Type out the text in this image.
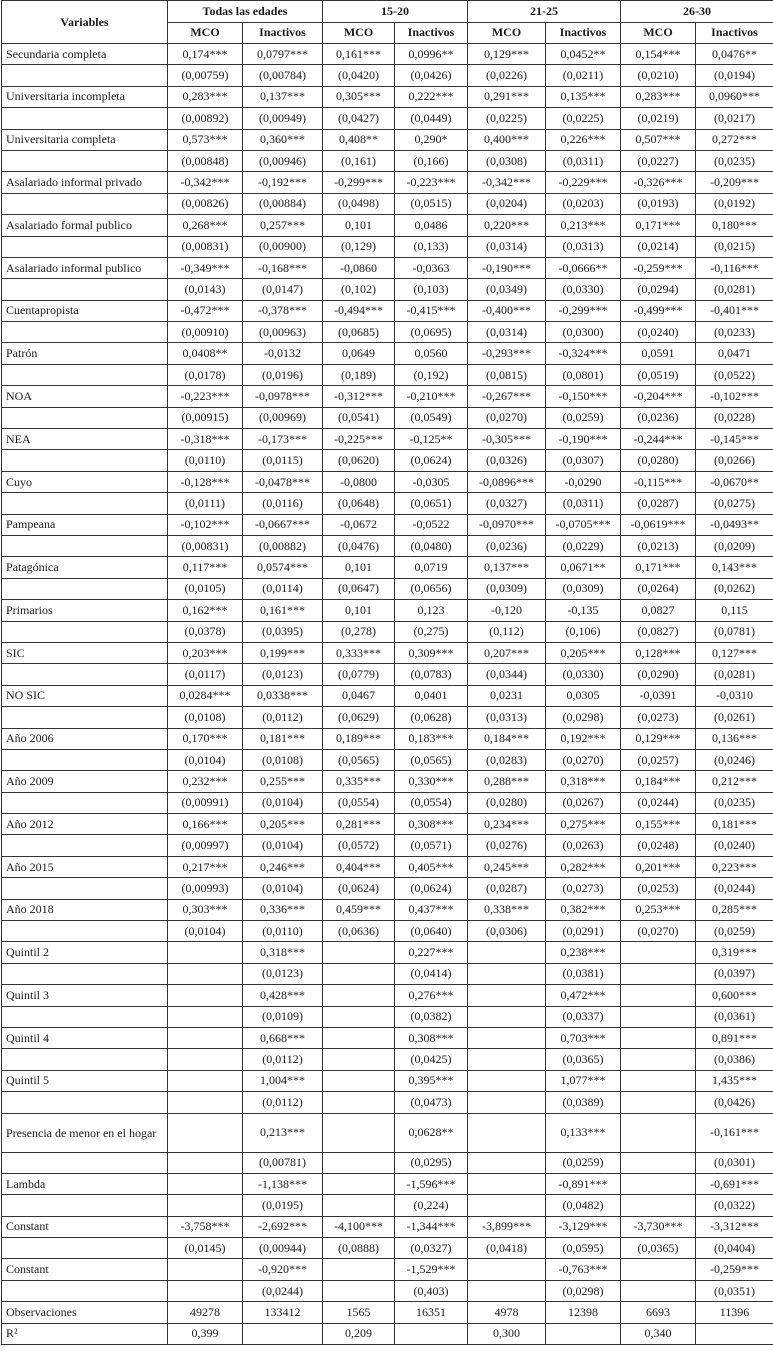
Variables	Todas las edades		15-20		21-25		26-30	
	MCO	Inactivos	MCO	Inactivos	MCO	Inactivos	MCO	Inactivos
Secundaria completa	0,174***	0,0797***	0,161***	0,0996**	0,129***	0,0452**	0,154***	0,0476**
	(0,00759)	(0,00784)	(0,0420)	(0,0426)	(0,0226)	(0,0211)	(0,0210)	(0,0194)
Universitaria incompleta	0,283***	0,137***	0,305***	0,222***	0,291***	0,135***	0,283***	0,0960***
	(0,00892)	(0,00949)	(0,0427)	(0,0449)	(0,0225)	(0,0225)	(0,0219)	(0,0217)
Universitaria completa	0,573***	0,360***	0,408**	0,290*	0,400***	0,226***	0,507***	0,272***
	(0,00848)	(0,00946)	(0,161)	(0,166)	(0,0308)	(0,0311)	(0,0227)	(0,0235)
Asalariado informal privado	-0,342***	-0,192***	-0,299***	-0,223***	-0,342***	-0,229***	-0,326***	-0,209***
	(0,00826)	(0,00884)	(0,0498)	(0,0515)	(0,0204)	(0,0203)	(0,0193)	(0,0192)
Asalariado formal publico	0,268***	0,257***	0,101	0,0486	0,220***	0,213***	0,171***	0,180***
	(0,00831)	(0,00900)	(0,129)	(0,133)	(0,0314)	(0,0313)	(0,0214)	(0,0215)
Asalariado informal publico	-0,349***	-0,168***	-0,0860	-0,0363	-0,190***	-0,0666**	-0,259***	-0,116***
	(0,0143)	(0,0147)	(0,102)	(0,103)	(0,0349)	(0,0330)	(0,0294)	(0,0281)
Cuentapropista	-0,472***	-0,378***	-0,494***	-0,415***	-0,400***	-0,299***	-0,499***	-0,401***
	(0,00910)	(0,00963)	(0,0685)	(0,0695)	(0,0314)	(0,0300)	(0,0240)	(0,0233)
Patrón	0,0408**	-0,0132	0,0649	0,0560	-0,293***	-0,324***	0,0591	0,0471
	(0,0178)	(0,0196)	(0,189)	(0,192)	(0,0815)	(0,0801)	(0,0519)	(0,0522)
NOA	-0,223***	-0,0978***	-0,312***	-0,210***	-0,267***	-0,150***	-0,204***	-0,102***
	(0,00915)	(0,00969)	(0,0541)	(0,0549)	(0,0270)	(0,0259)	(0,0236)	(0,0228)
NEA	-0,318***	-0,173***	-0,225***	-0,125**	-0,305***	-0,190***	-0,244***	-0,145***
	(0,0110)	(0,0115)	(0,0620)	(0,0624)	(0,0326)	(0,0307)	(0,0280)	(0,0266)
Cuyo	-0,128***	-0,0478***	-0,0800	-0,0305	-0,0896***	-0,0290	-0,115***	-0,0670**
	(0,0111)	(0,0116)	(0,0648)	(0,0651)	(0,0327)	(0,0311)	(0,0287)	(0,0275)
Pampeana	-0,102***	-0,0667***	-0,0672	-0,0522	-0,0970***	-0,0705***	-0,0619***	-0,0493**
	(0,00831)	(0,00882)	(0,0476)	(0,0480)	(0,0236)	(0,0229)	(0,0213)	(0,0209)
Patagónica	0,117***	0,0574***	0,101	0,0719	0,137***	0,0671**	0,171***	0,143***
	(0,0105)	(0,0114)	(0,0647)	(0,0656)	(0,0309)	(0,0309)	(0,0264)	(0,0262)
Primarios	0,162***	0,161***	0,101	0,123	-0,120	-0,135	0,0827	0,115
	(0,0378)	(0,0395)	(0,278)	(0,275)	(0,112)	(0,106)	(0,0827)	(0,0781)
SIC	0,203***	0,199***	0,333***	0,309***	0,207***	0,205***	0,128***	0,127***
	(0,0117)	(0,0123)	(0,0779)	(0,0783)	(0,0344)	(0,0330)	(0,0290)	(0,0281)
NO SIC	0,0284***	0,0338***	0,0467	0,0401	0,0231	0,0305	-0,0391	-0,0310
	(0,0108)	(0,0112)	(0,0629)	(0,0628)	(0,0313)	(0,0298)	(0,0273)	(0,0261)
Año 2006	0,170***	0,181***	0,189***	0,183***	0,184***	0,192***	0,129***	0,136***
	(0,0104)	(0,0108)	(0,0565)	(0,0565)	(0,0283)	(0,0270)	(0,0257)	(0,0246)
Año 2009	0,232***	0,255***	0,335***	0,330***	0,288***	0,318***	0,184***	0,212***
	(0,00991)	(0,0104)	(0,0554)	(0,0554)	(0,0280)	(0,0267)	(0,0244)	(0,0235)
Año 2012	0,166***	0,205***	0,281***	0,308***	0,234***	0,275***	0,155***	0,181***
	(0,00997)	(0,0104)	(0,0572)	(0,0571)	(0,0276)	(0,0263)	(0,0248)	(0,0240)
Año 2015	0,217***	0,246***	0,404***	0,405***	0,245***	0,282***	0,201***	0,223***
	(0,00993)	(0,0104)	(0,0624)	(0,0624)	(0,0287)	(0,0273)	(0,0253)	(0,0244)
Año 2018	0,303***	0,336***	0,459***	0,437***	0,338***	0,382***	0,253***	0,285***
	(0,0104)	(0,0110)	(0,0636)	(0,0640)	(0,0306)	(0,0291)	(0,0270)	(0,0259)
Quintil 2		0,318***		0,227***		0,238***		0,319***
		(0,0123)		(0,0414)		(0,0381)		(0,0397)
Quintil 3		0,428***		0,276***		0,472***		0,600***
		(0,0109)		(0,0382)		(0,0337)		(0,0361)
Quintil 4		0,668***		0,308***		0,703***		0,891***
		(0,0112)		(0,0425)		(0,0365)		(0,0386)
Quintil 5		1,004***		0,395***		1,077***		1,435***
		(0,0112)		(0,0473)		(0,0389)		(0,0426)
Presencia de menor en el hogar		0,213***		0,0628**		0,133***		-0,161***
		(0,00781)		(0,0295)		(0,0259)		(0,0301)
Lambda		-1,138***		-1,596***		-0,891***		-0,691***
		(0,0195)		(0,224)		(0,0482)		(0,0322)
Constant	-3,758***	-2,692***	-4,100***	-1,344***	-3,899***	-3,129***	-3,730***	-3,312***
	(0,0145)	(0,00944)	(0,0888)	(0,0327)	(0,0418)	(0,0595)	(0,0365)	(0,0404)
Constant		-0,920***		-1,529***		-0,763***		-0,259***
		(0,0244)		(0,403)		(0,0298)		(0,0351)
Observaciones	49278	133412	1565	16351	4978	12398	6693	11396
R²	0,399		0,209		0,300		0,340	
